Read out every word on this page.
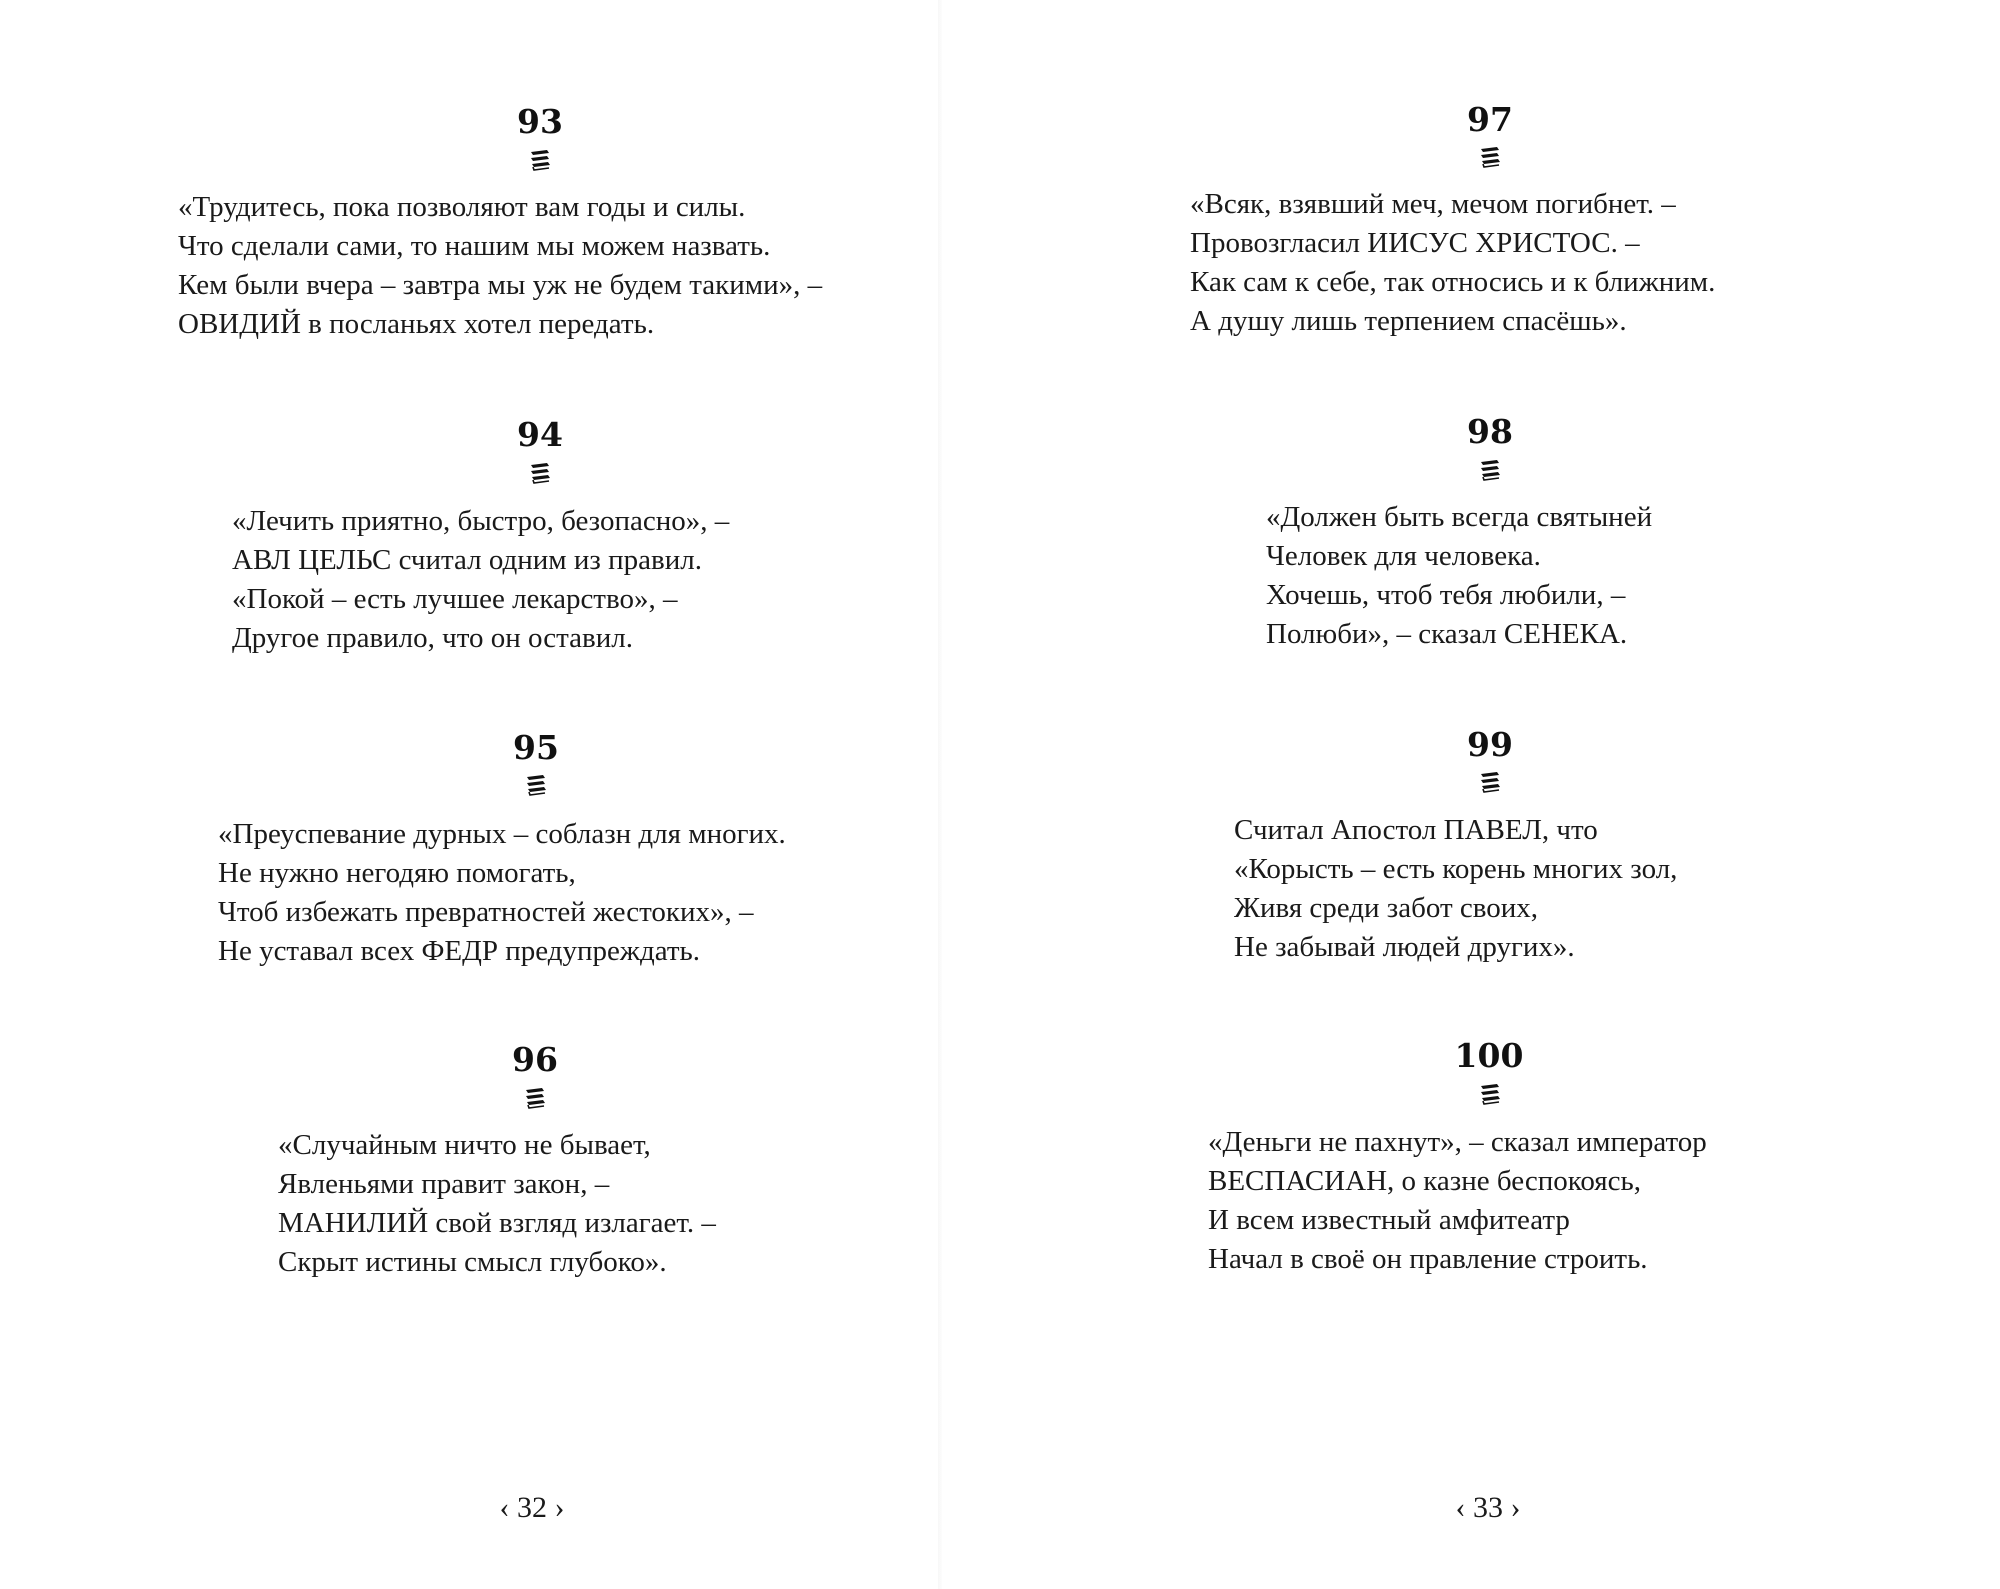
93
«Трудитесь, пока позволяют вам годы и силы.
Что сделали сами, то нашим мы можем назвать.
Кем были вчера – завтра мы уж не будем такими», –
ОВИДИЙ в посланьях хотел передать.
94
«Лечить приятно, быстро, безопасно», –
АВЛ ЦЕЛЬС считал одним из правил.
«Покой – есть лучшее лекарство», –
Другое правило, что он оставил.
95
«Преуспевание дурных – соблазн для многих.
Не нужно негодяю помогать,
Чтоб избежать превратностей жестоких», –
Не уставал всех ФЕДР предупреждать.
96
«Случайным ничто не бывает,
Явленьями правит закон, –
МАНИЛИЙ свой взгляд излагает. –
Скрыт истины смысл глубоко».
‹ 32 ›
97
«Всяк, взявший меч, мечом погибнет. –
Провозгласил ИИСУС ХРИСТОС. –
Как сам к себе, так относись и к ближним.
А душу лишь терпением спасёшь».
98
«Должен быть всегда святыней
Человек для человека.
Хочешь, чтоб тебя любили, –
Полюби», – сказал СЕНЕКА.
99
Считал Апостол ПАВЕЛ, что
«Корысть – есть корень многих зол,
Живя среди забот своих,
Не забывай людей других».
100
«Деньги не пахнут», – сказал император
ВЕСПАСИАН, о казне беспокоясь,
И всем известный амфитеатр
Начал в своё он правление строить.
‹ 33 ›
